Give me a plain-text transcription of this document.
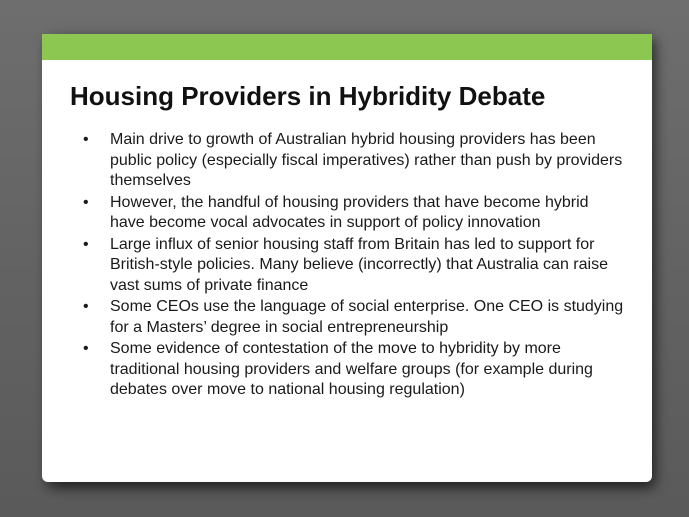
Housing Providers in Hybridity Debate
• Main drive to growth of Australian hybrid housing providers has been public policy (especially fiscal imperatives) rather than push by providers themselves
• However, the handful of housing providers that have become hybrid have become vocal advocates in support of policy innovation
• Large influx of senior housing staff from Britain has led to support for British-style policies. Many believe (incorrectly) that Australia can raise vast sums of private finance
• Some CEOs use the language of social enterprise. One CEO is studying for a Masters’ degree in social entrepreneurship
• Some evidence of contestation of the move to hybridity by more traditional housing providers and welfare groups (for example during debates over move to national housing regulation)
